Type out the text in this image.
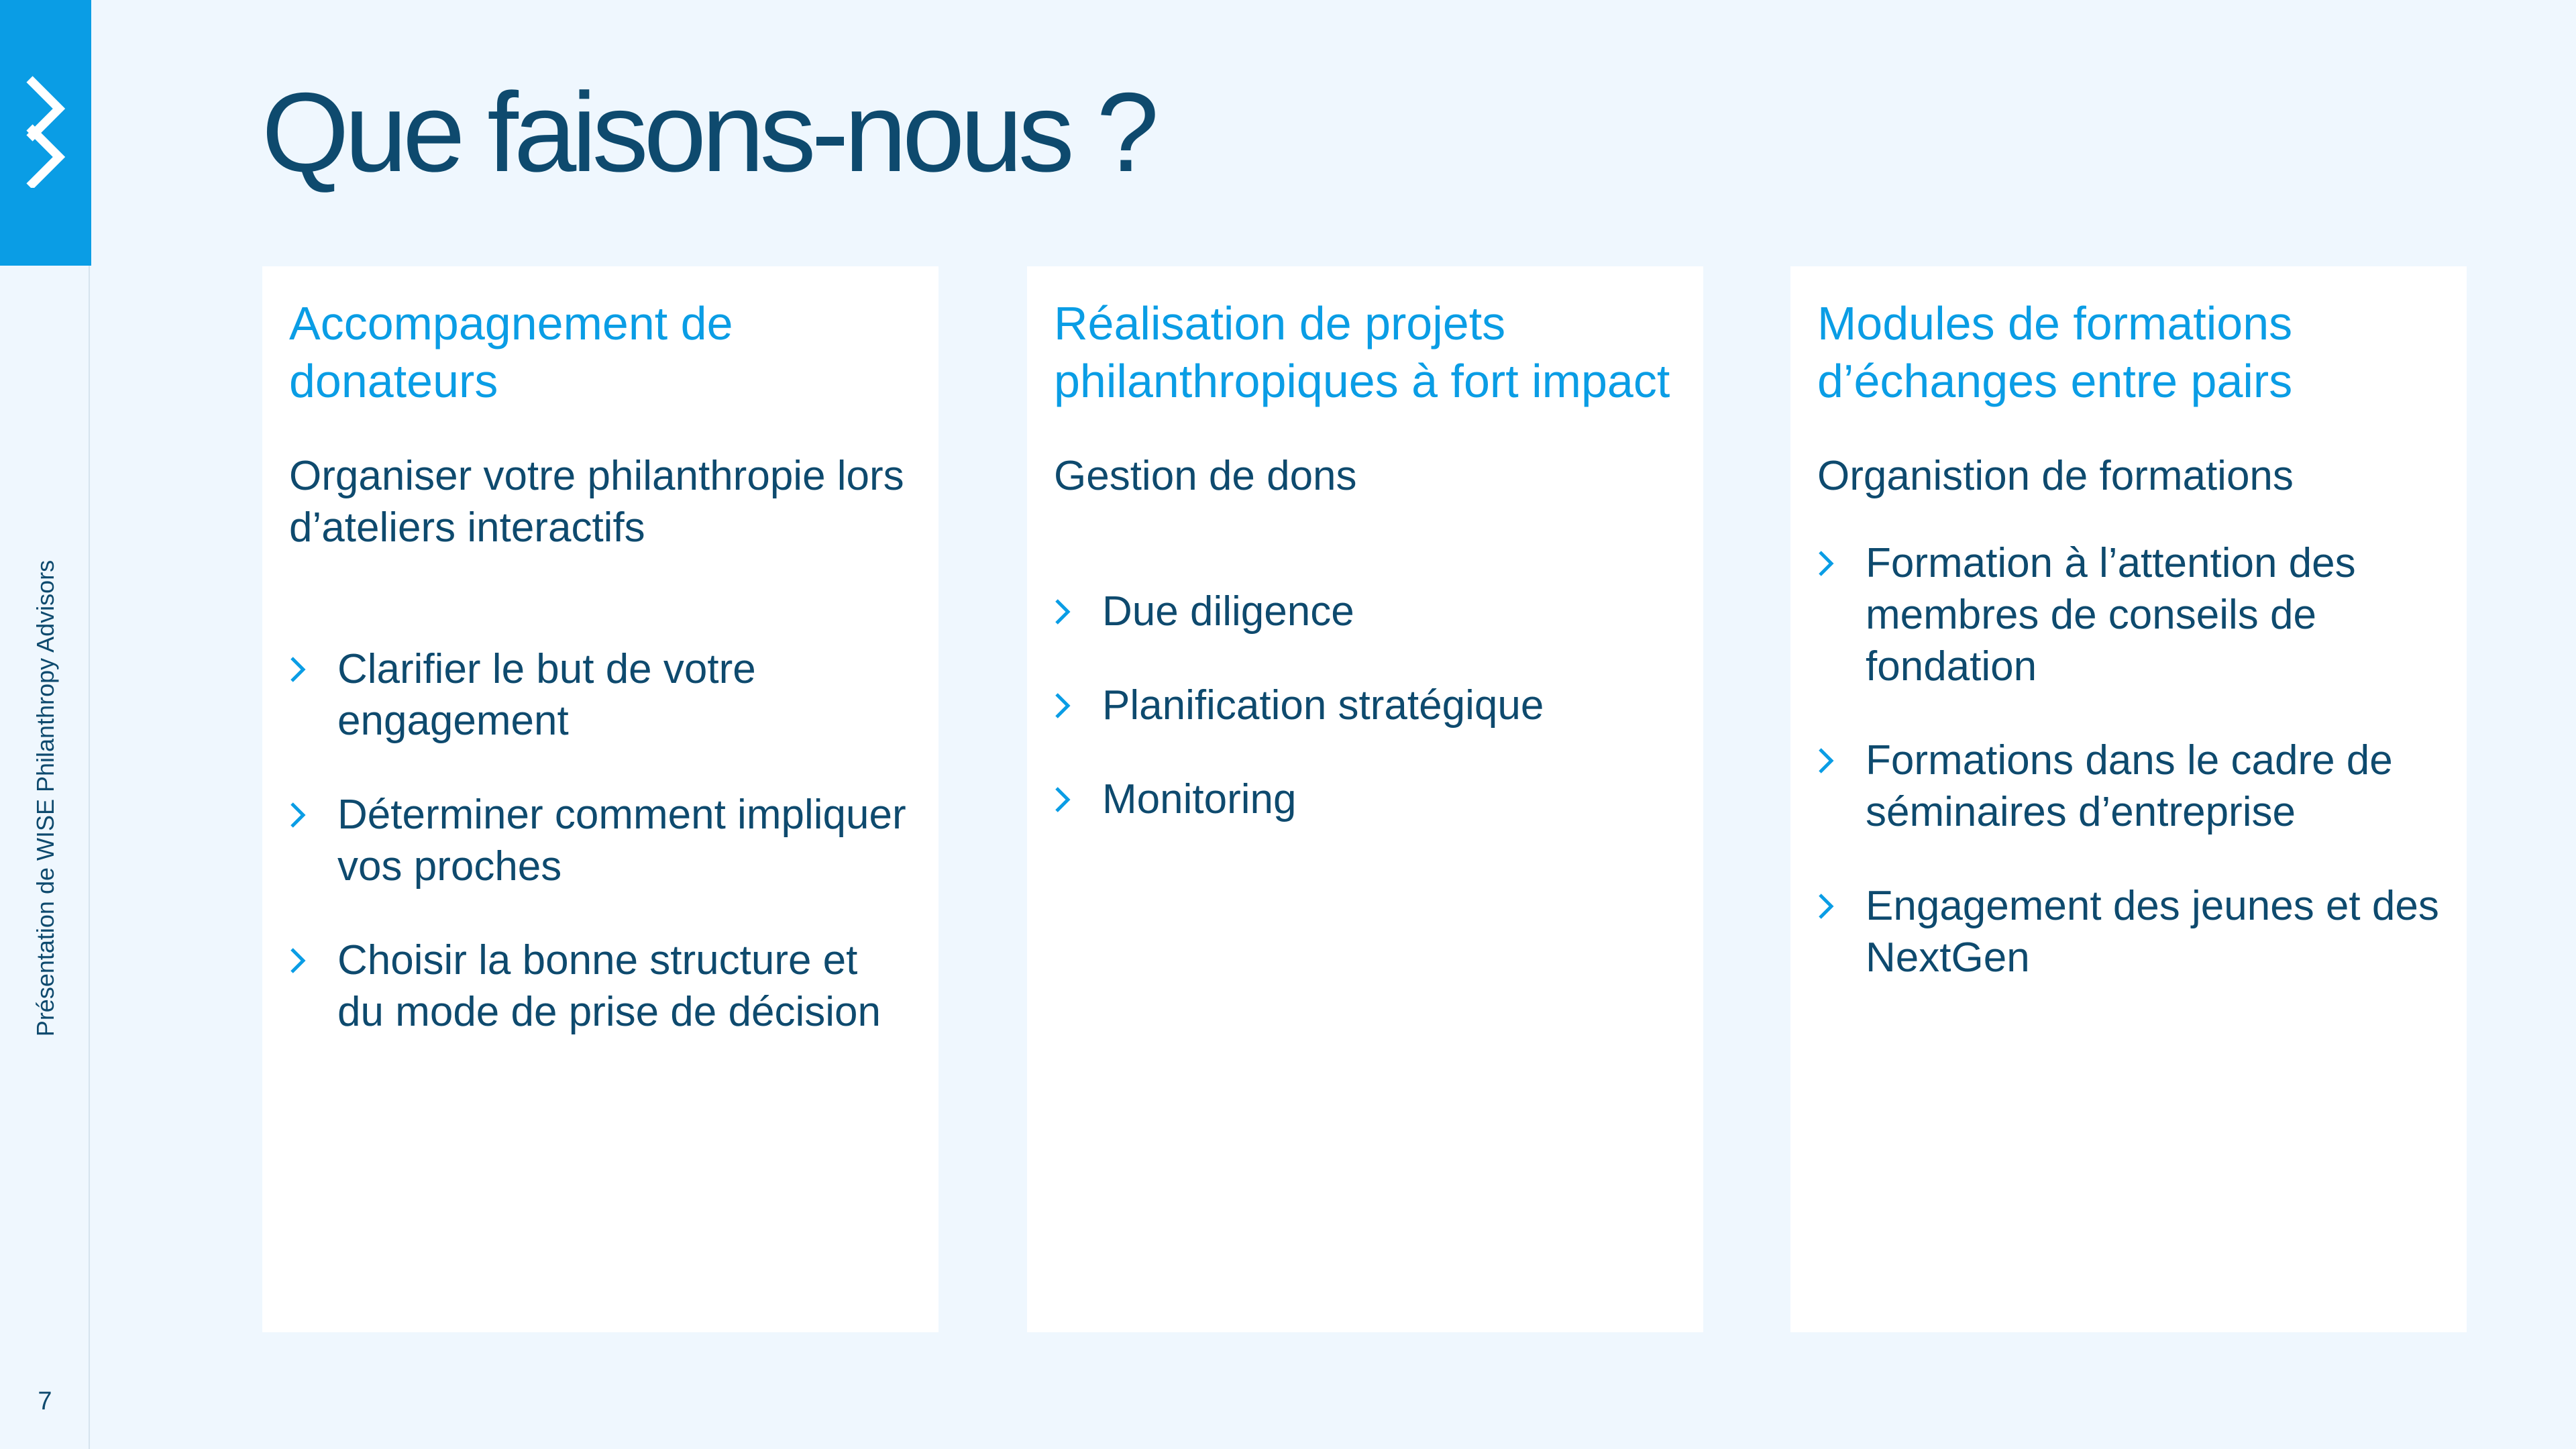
Présentation de WISE Philanthropy Advisors
7
Que faisons-nous ?
Accompagnement de donateurs

Organiser votre philanthropie lors d’ateliers interactifs

Clarifier le but de votre engagement
Déterminer comment impliquer vos proches
Choisir la bonne structure et du mode de prise de décision
Réalisation de projets philanthropiques à fort impact

Gestion de dons

Due diligence
Planification stratégique
Monitoring
Modules de formations d’échanges entre pairs

Organistion de formations

Formation à l’attention des membres de conseils de fondation
Formations dans le cadre de séminaires d’entreprise
Engagement des jeunes et des NextGen
